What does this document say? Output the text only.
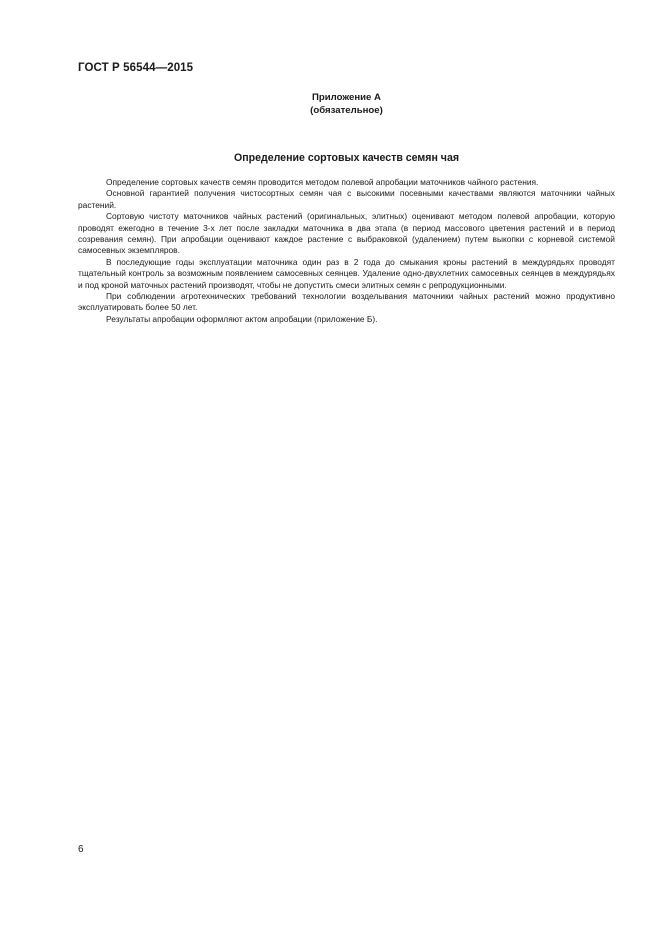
ГОСТ Р 56544—2015
Приложение А
(обязательное)
Определение сортовых качеств семян чая

Определение сортовых качеств семян проводится методом полевой апробации маточников чайного растения.

Основной гарантией получения чистосортных семян чая с высокими посевными качествами являются маточники чайных растений.

Сортовую чистоту маточников чайных растений (оригинальных, элитных) оценивают методом полевой апробации, которую проводят ежегодно в течение 3-х лет после закладки маточника в два этапа (в период массового цветения растений и в период созревания семян). При апробации оценивают каждое растение с выбраковкой (удалением) путем выкопки с корневой системой самосевных экземпляров.

В последующие годы эксплуатации маточника один раз в 2 года до смыкания кроны растений в междурядьях проводят тщательный контроль за возможным появлением самосевных сеянцев. Удаление одно-двухлетних самосевных сеянцев в междурядьях и под кроной маточных растений производят, чтобы не допустить смеси элитных семян с репродукционными.

При соблюдении агротехнических требований технологии возделывания маточники чайных растений можно продуктивно эксплуатировать более 50 лет.

Результаты апробации оформляют актом апробации (приложение Б).

6
